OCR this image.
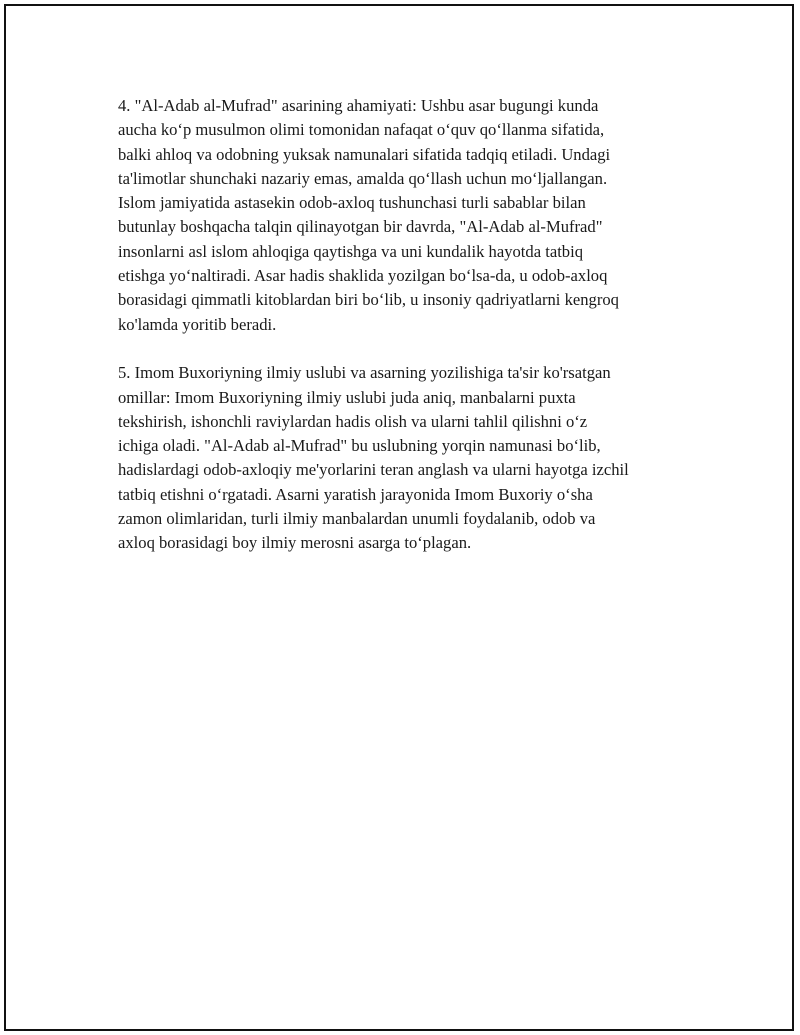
4. "Al-Adab al-Mufrad" asarining ahamiyati: Ushbu asar bugungi kunda

aucha koʻp musulmon olimi tomonidan nafaqat oʻquv qoʻllanma sifatida,

balki ahloq va odobning yuksak namunalari sifatida tadqiq etiladi. Undagi

ta'limotlar shunchaki nazariy emas, amalda qoʻllash uchun moʻljallangan.

Islom jamiyatida astasekin odob-axloq tushunchasi turli sabablar bilan

butunlay boshqacha talqin qilinayotgan bir davrda, "Al-Adab al-Mufrad"

insonlarni asl islom ahloqiga qaytishga va uni kundalik hayotda tatbiq

etishga yoʻnaltiradi. Asar hadis shaklida yozilgan boʻlsa-da, u odob-axloq

borasidagi qimmatli kitoblardan biri boʻlib, u insoniy qadriyatlarni kengroq

ko'lamda yoritib beradi.

5. Imom Buxoriyning ilmiy uslubi va asarning yozilishiga ta'sir ko'rsatgan

omillar: Imom Buxoriyning ilmiy uslubi juda aniq, manbalarni puxta

tekshirish, ishonchli raviylardan hadis olish va ularni tahlil qilishni oʻz

ichiga oladi. "Al-Adab al-Mufrad" bu uslubning yorqin namunasi boʻlib,

hadislardagi odob-axloqiy me'yorlarini teran anglash va ularni hayotga izchil

tatbiq etishni oʻrgatadi. Asarni yaratish jarayonida Imom Buxoriy oʻsha

zamon olimlaridan, turli ilmiy manbalardan unumli foydalanib, odob va

axloq borasidagi boy ilmiy merosni asarga toʻplagan.
